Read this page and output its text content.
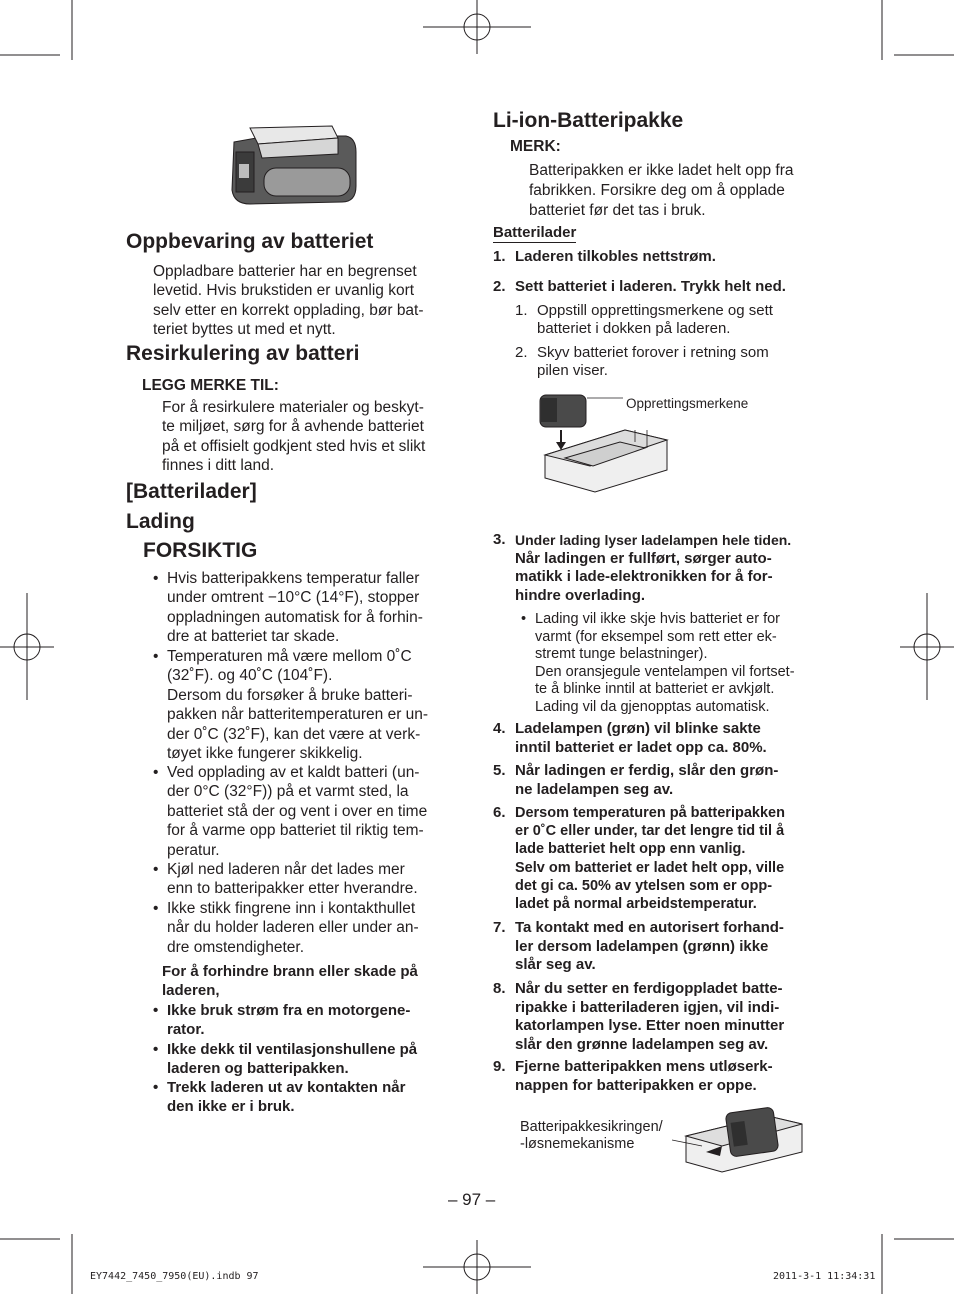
Oppbevaring av batteriet
Oppladbare batterier har en begrenset
levetid. Hvis brukstiden er uvanlig kort
selv etter en korrekt opplading, bør bat-
teriet byttes ut med et nytt.
Resirkulering av batteri
LEGG MERKE TIL:
For å resirkulere materialer og beskyt-
te miljøet, sørg for å avhende batteriet
på et offisielt godkjent sted hvis et slikt
finnes i ditt land.
[Batterilader]
Lading
FORSIKTIG
• Hvis batteripakkens temperatur faller
under omtrent −10°C (14°F), stopper
oppladningen automatisk for å forhin-
dre at batteriet tar skade.
• Temperaturen må være mellom 0˚C
(32˚F). og 40˚C (104˚F).
Dersom du forsøker å bruke batteri-
pakken når batteritemperaturen er un-
der 0˚C (32˚F), kan det være at verk-
tøyet ikke fungerer skikkelig.
• Ved opplading av et kaldt batteri (un-
der 0°C (32°F)) på et varmt sted, la
batteriet stå der og vent i over en time
for å varme opp batteriet til riktig tem-
peratur.
• Kjøl ned laderen når det lades mer
enn to batteripakker etter hverandre.
• Ikke stikk fingrene inn i kontakthullet
når du holder laderen eller under an-
dre omstendigheter.
For å forhindre brann eller skade på
laderen,
• Ikke bruk strøm fra en motorgene-
rator.
• Ikke dekk til ventilasjonshullene på
laderen og batteripakken.
• Trekk laderen ut av kontakten når
den ikke er i bruk.
Li-ion-Batteripakke
MERK:
Batteripakken er ikke ladet helt opp fra
fabrikken. Forsikre deg om å opplade
batteriet før det tas i bruk.
Batterilader
1. Laderen tilkobles nettstrøm.
2. Sett batteriet i laderen. Trykk helt ned.
1. Oppstill opprettingsmerkene og sett
batteriet i dokken på laderen.
2. Skyv batteriet forover i retning som
pilen viser.
Opprettingsmerkene
3. Under lading lyser ladelampen hele tiden.
Når ladingen er fullført, sørger auto-
matikk i lade-elektronikken for å for-
hindre overlading.
• Lading vil ikke skje hvis batteriet er for
varmt (for eksempel som rett etter ek-
stremt tunge belastninger).
Den oransjegule ventelampen vil fortset-
te å blinke inntil at batteriet er avkjølt.
Lading vil da gjenopptas automatisk.
4. Ladelampen (grøn) vil blinke sakte
inntil batteriet er ladet opp ca. 80%.
5. Når ladingen er ferdig, slår den grøn-
ne ladelampen seg av.
6. Dersom temperaturen på batteripakken
er 0˚C eller under, tar det lengre tid til å
lade batteriet helt opp enn vanlig.
Selv om batteriet er ladet helt opp, ville
det gi ca. 50% av ytelsen som er opp-
ladet på normal arbeidstemperatur.
7. Ta kontakt med en autorisert forhand-
ler dersom ladelampen (grønn) ikke
slår seg av.
8. Når du setter en ferdigoppladet batte-
ripakke i batteriladeren igjen, vil indi-
katorlampen lyse. Etter noen minutter
slår den grønne ladelampen seg av.
9. Fjerne batteripakken mens utløserk-
nappen for batteripakken er oppe.
Batteripakkesikringen/
-løsnemekanisme
– 97 –
EY7442_7450_7950(EU).indb 97	2011-3-1 11:34:31
